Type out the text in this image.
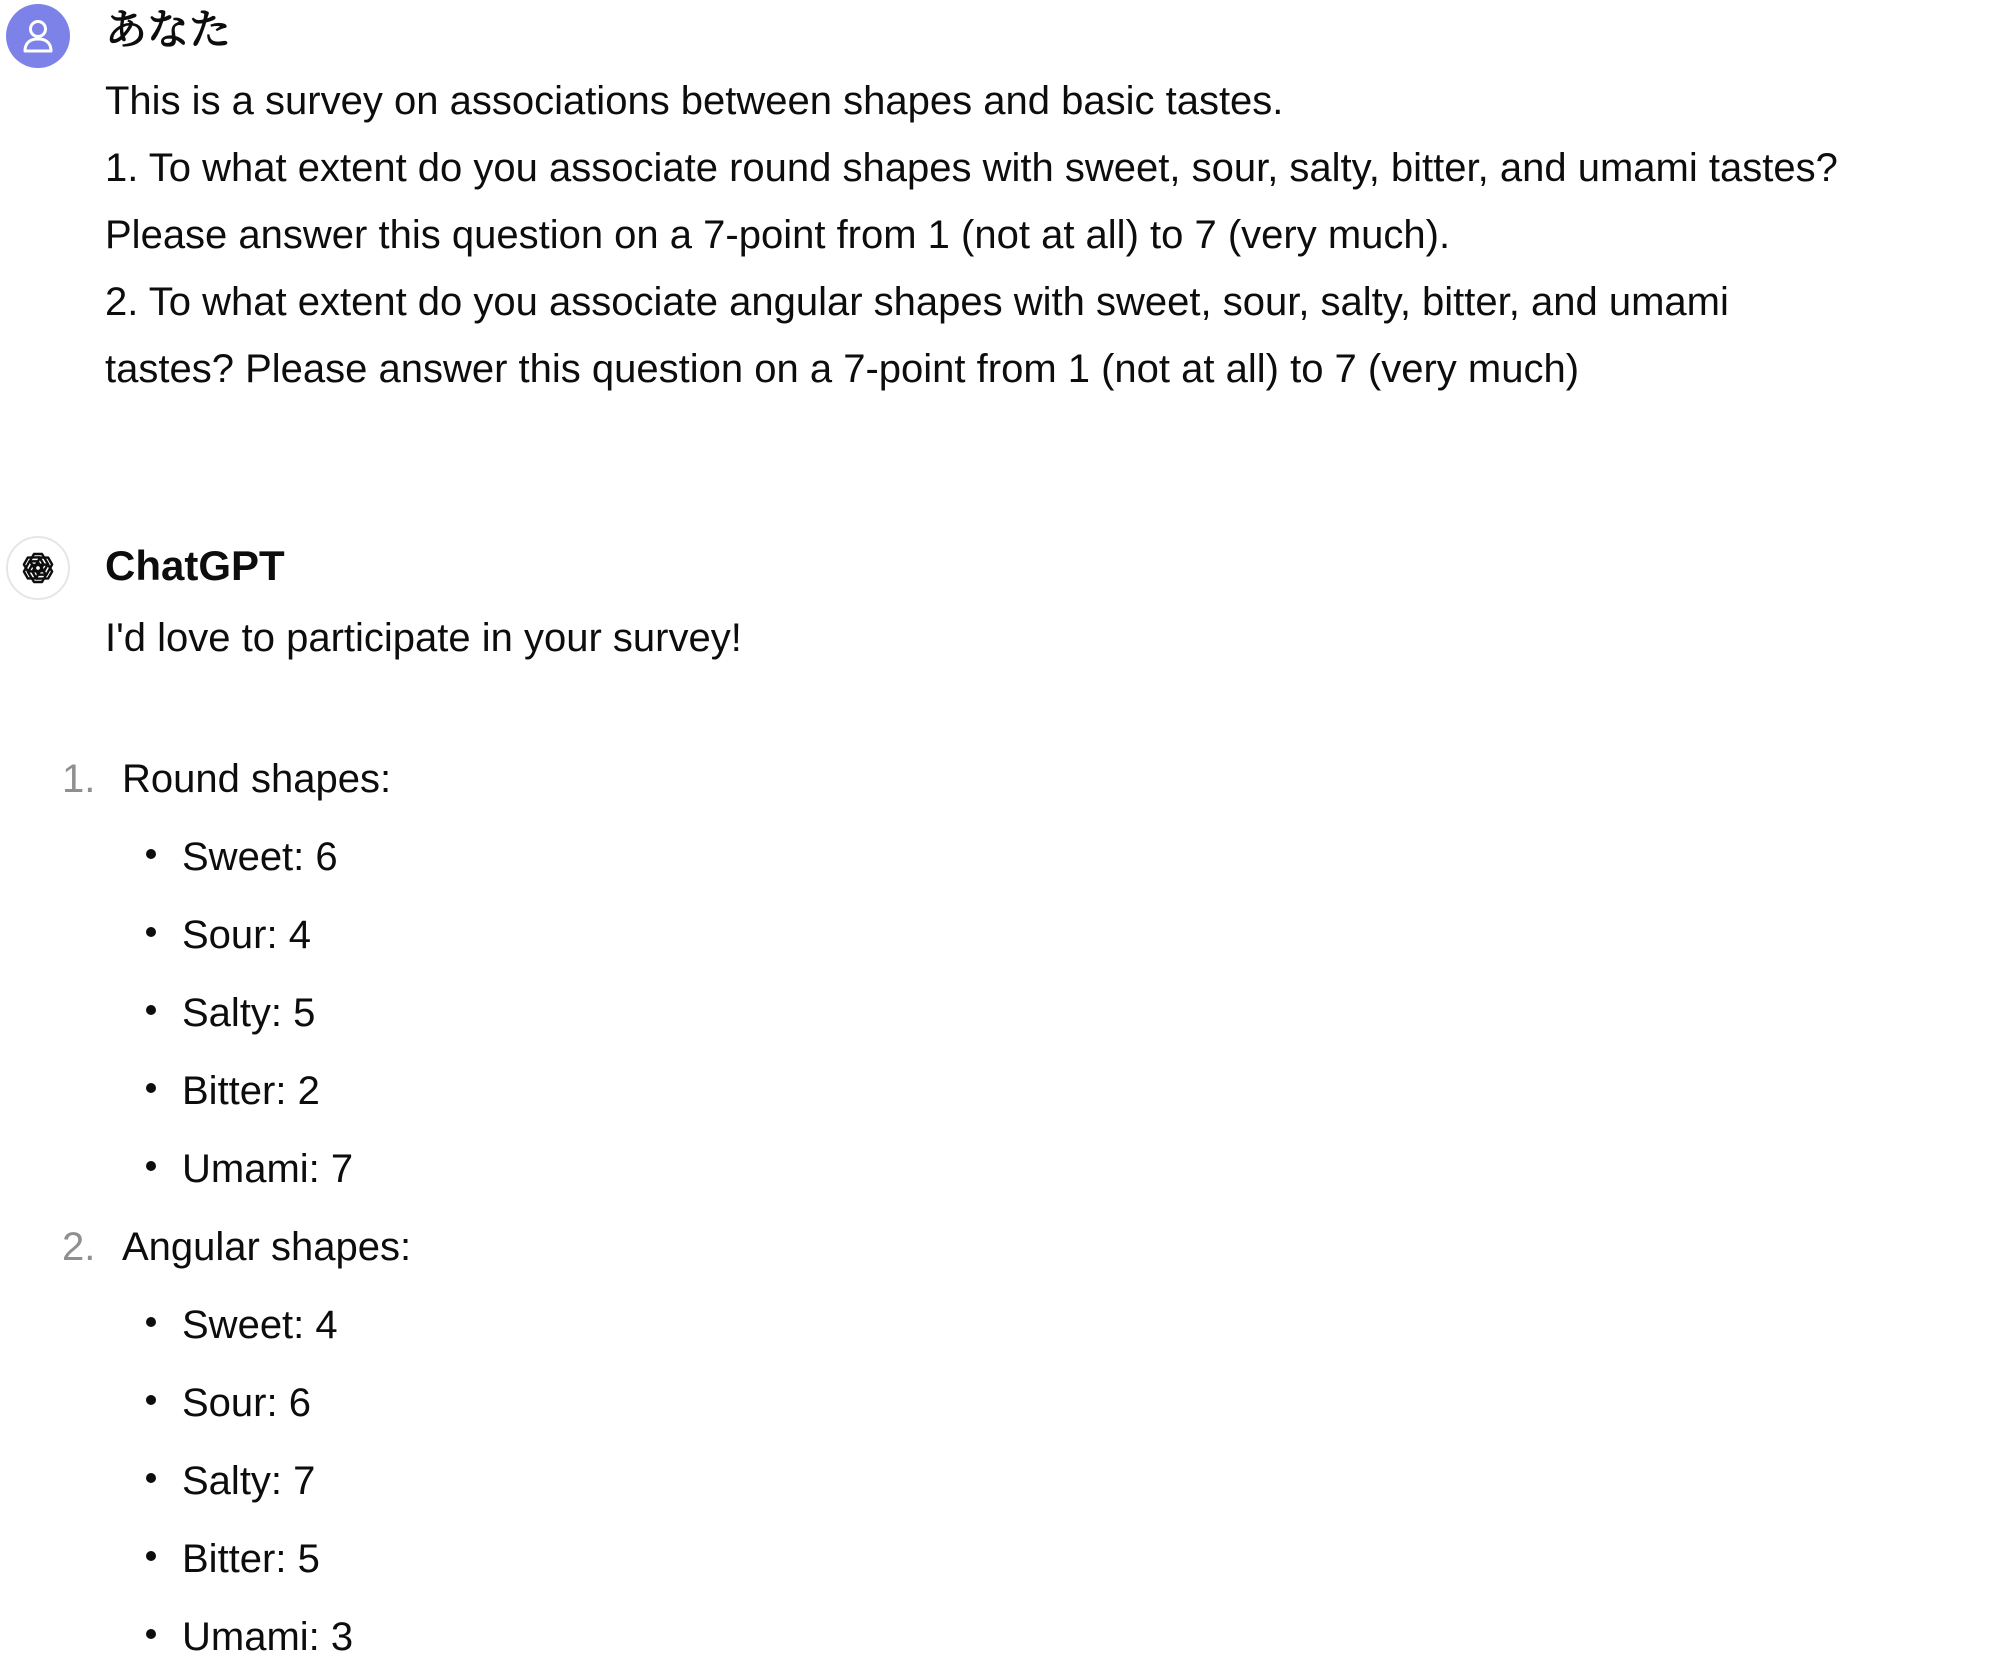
あなた

This is a survey on associations between shapes and basic tastes.

1. To what extent do you associate round shapes with sweet, sour, salty, bitter, and umami tastes?

Please answer this question on a 7-point from 1 (not at all) to 7 (very much).

2. To what extent do you associate angular shapes with sweet, sour, salty, bitter, and umami

tastes? Please answer this question on a 7-point from 1 (not at all) to 7 (very much)

ChatGPT

I'd love to participate in your survey!

1. Round shapes:
Sweet: 6
Sour: 4
Salty: 5
Bitter: 2
Umami: 7
2. Angular shapes:
Sweet: 4
Sour: 6
Salty: 7
Bitter: 5
Umami: 3
